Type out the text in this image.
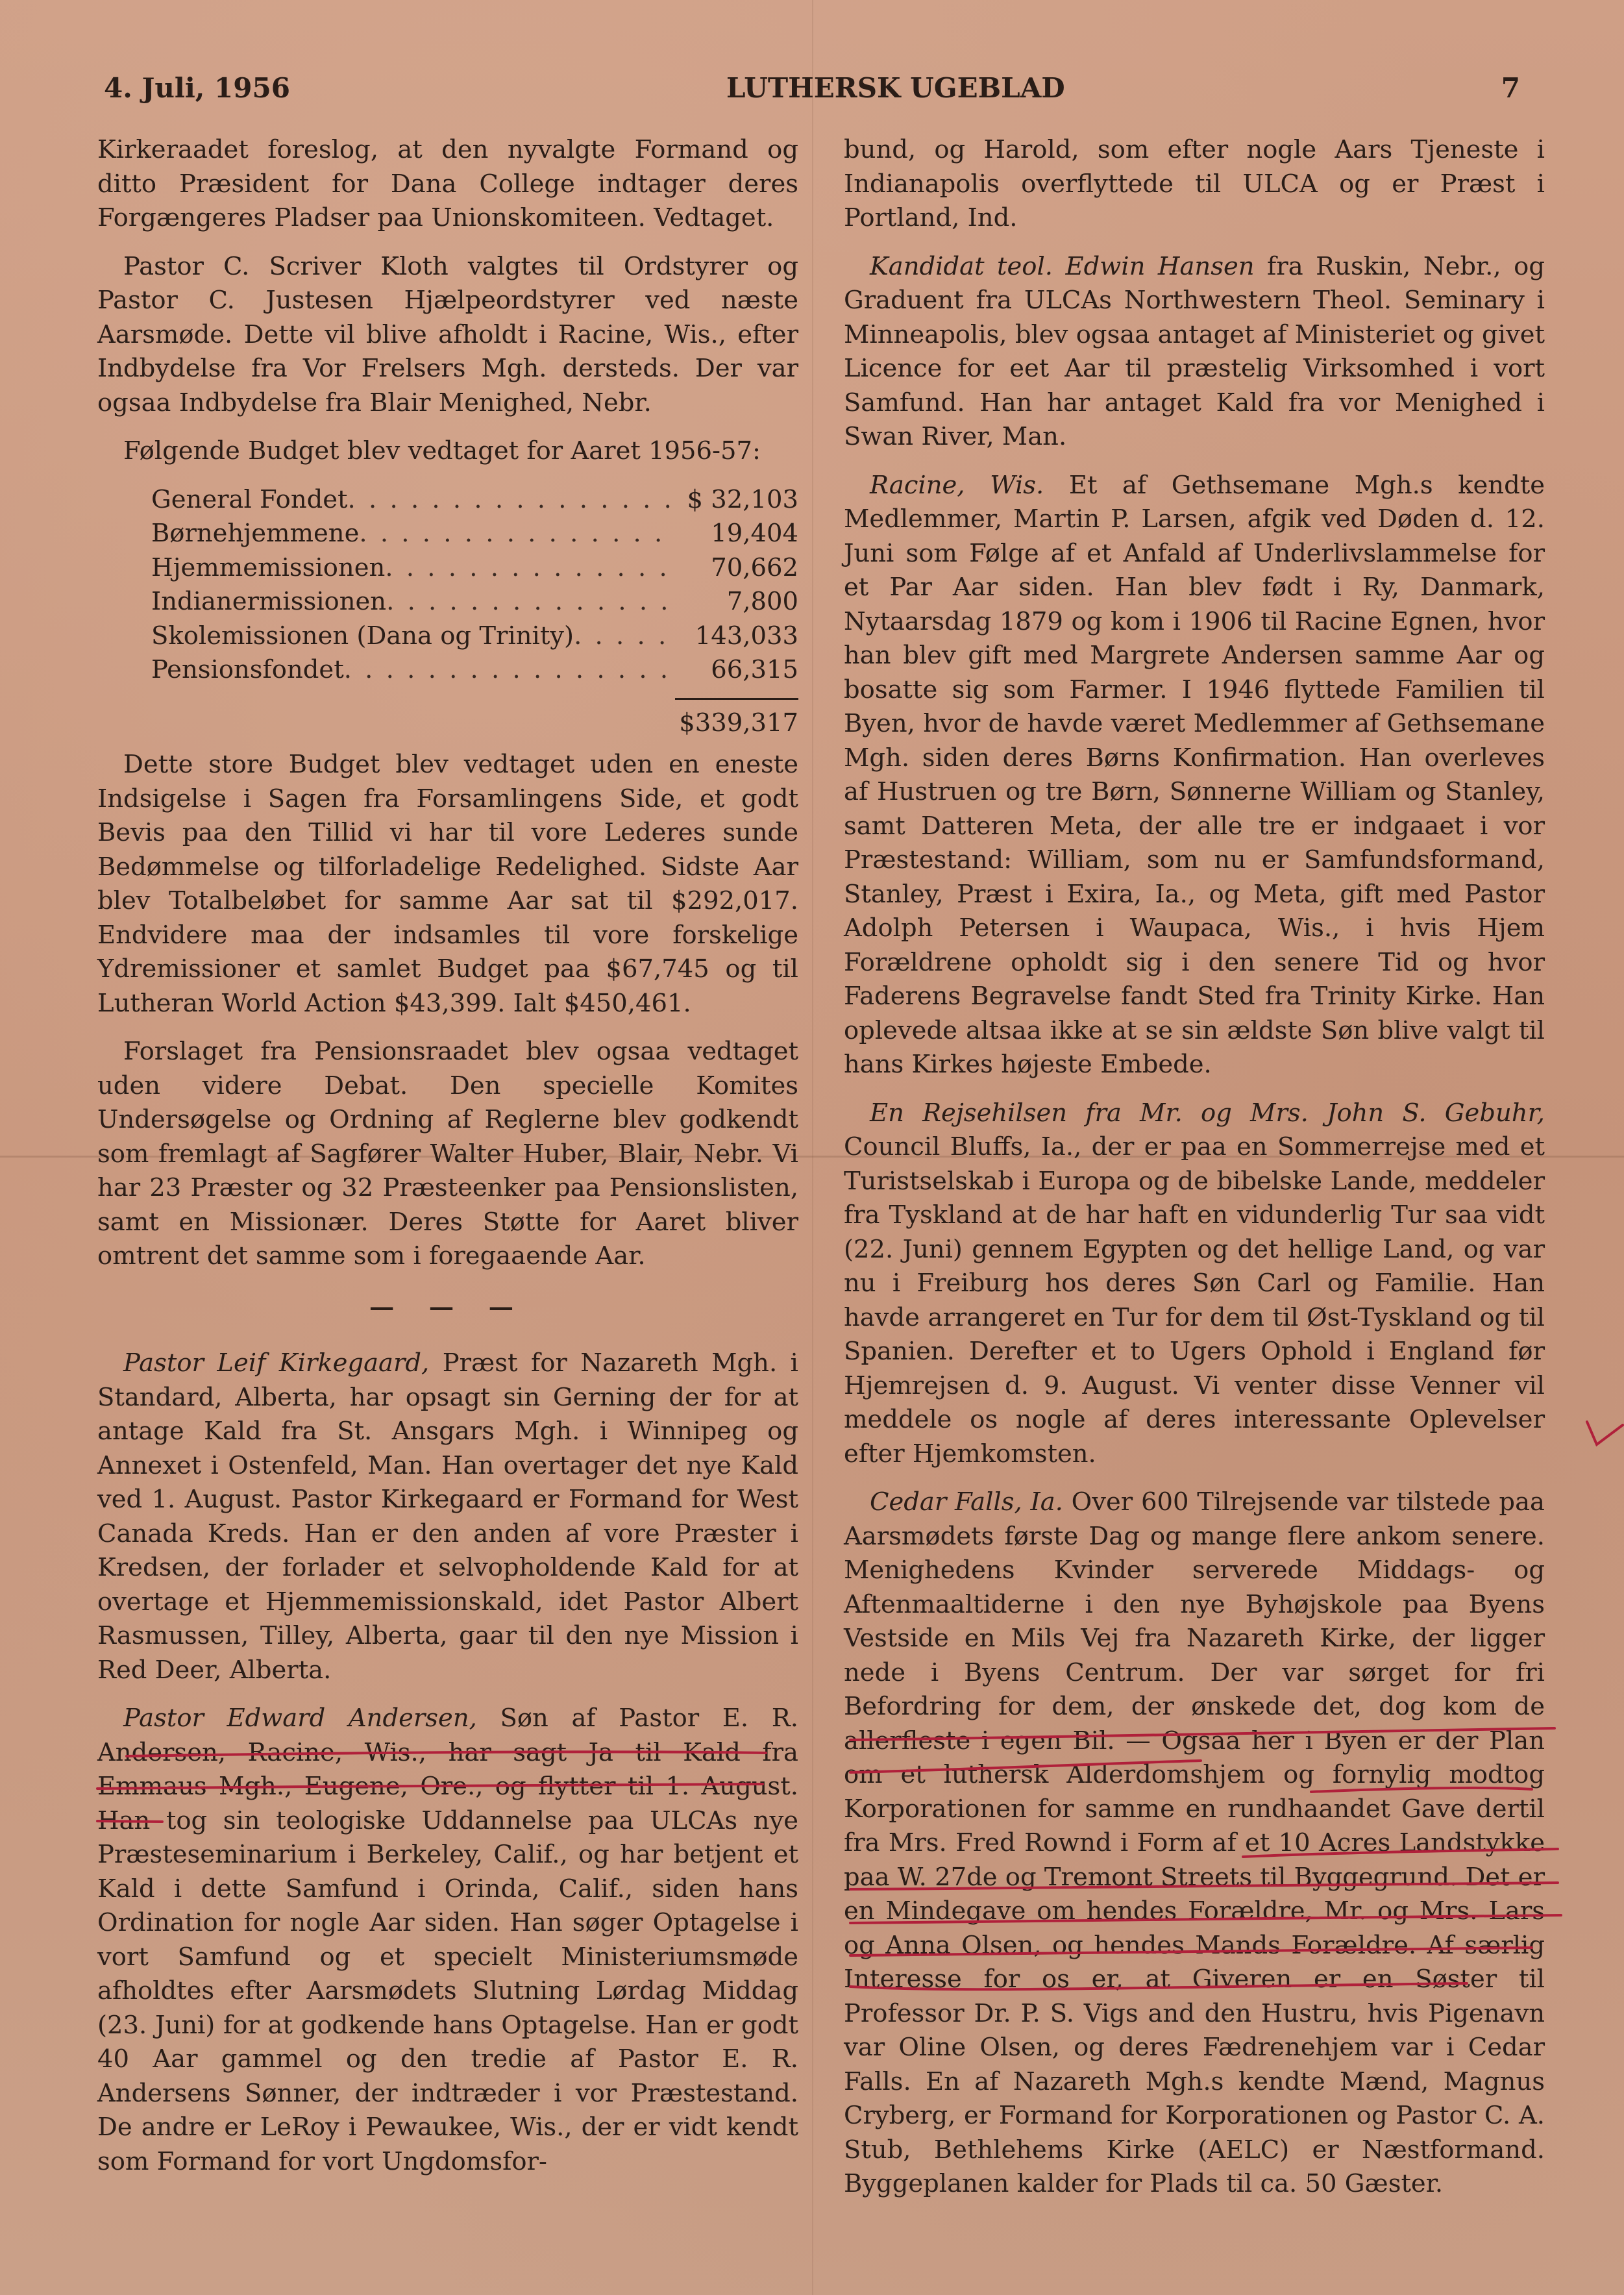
4. Juli, 1956	LUTHERSK UGEBLAD	7

Kirkeraadet foreslog, at den nyvalgte Formand og ditto Præsident for Dana College indtager deres Forgængeres Pladser paa Unionskomiteen. Vedtaget.

Pastor C. Scriver Kloth valgtes til Ordstyrer og Pastor C. Justesen Hjælpeordstyrer ved næste Aarsmøde. Dette vil blive afholdt i Racine, Wis., efter Indbydelse fra Vor Frelsers Mgh. dersteds. Der var ogsaa Indbydelse fra Blair Menighed, Nebr.

Følgende Budget blev vedtaget for Aaret 1956-57:

General Fondet . . .	$ 32,103
Børnehjemmene . . .	19,404
Hjemmemissionen . . .	70,662
Indianermissionen . . .	7,800
Skolemissionen (Dana og Trinity) . . .	143,033
Pensionsfondet . . .	66,315
$339,317

Dette store Budget blev vedtaget uden en eneste Indsigelse i Sagen fra Forsamlingens Side, et godt Bevis paa den Tillid vi har til vore Lederes sunde Bedømmelse og tilforladelige Redelighed. Sidste Aar blev Totalbeløbet for samme Aar sat til $292,017. Endvidere maa der indsamles til vore forskelige Ydremissioner et samlet Budget paa $67,745 og til Lutheran World Action $43,399. Ialt $450,461.

Forslaget fra Pensionsraadet blev ogsaa vedtaget uden videre Debat. Den specielle Komites Undersøgelse og Ordning af Reglerne blev godkendt som fremlagt af Sagfører Walter Huber, Blair, Nebr. Vi har 23 Præster og 32 Præsteenker paa Pensionslisten, samt en Missionær. Deres Støtte for Aaret bliver omtrent det samme som i foregaaende Aar.

— — —

Pastor Leif Kirkegaard, Præst for Nazareth Mgh. i Standard, Alberta, har opsagt sin Gerning der for at antage Kald fra St. Ansgars Mgh. i Winnipeg og Annexet i Ostenfeld, Man. Han overtager det nye Kald ved 1. August. Pastor Kirkegaard er Formand for West Canada Kreds. Han er den anden af vore Præster i Kredsen, der forlader et selvopholdende Kald for at overtage et Hjemmemissionskald, idet Pastor Albert Rasmussen, Tilley, Alberta, gaar til den nye Mission i Red Deer, Alberta.

Pastor Edward Andersen, Søn af Pastor E. R. Andersen, Racine, Wis., har sagt Ja til Kald fra Emmaus Mgh., Eugene, Ore., og flytter til 1. August. Han tog sin teologiske Uddannelse paa ULCAs nye Præsteseminarium i Berkeley, Calif., og har betjent et Kald i dette Samfund i Orinda, Calif., siden hans Ordination for nogle Aar siden. Han søger Optagelse i vort Samfund og et specielt Ministeriumsmøde afholdtes efter Aarsmødets Slutning Lørdag Middag (23. Juni) for at godkende hans Optagelse. Han er godt 40 Aar gammel og den tredie af Pastor E. R. Andersens Sønner, der indtræder i vor Præstestand. De andre er LeRoy i Pewaukee, Wis., der er vidt kendt som Formand for vort Ungdomsfor-

bund, og Harold, som efter nogle Aars Tjeneste i Indianapolis overflyttede til ULCA og er Præst i Portland, Ind.

Kandidat teol. Edwin Hansen fra Ruskin, Nebr., og Graduent fra ULCAs Northwestern Theol. Seminary i Minneapolis, blev ogsaa antaget af Ministeriet og givet Licence for eet Aar til præstelig Virksomhed i vort Samfund. Han har antaget Kald fra vor Menighed i Swan River, Man.

Racine, Wis. Et af Gethsemane Mgh.s kendte Medlemmer, Martin P. Larsen, afgik ved Døden d. 12. Juni som Følge af et Anfald af Underlivslammelse for et Par Aar siden. Han blev født i Ry, Danmark, Nytaarsdag 1879 og kom i 1906 til Racine Egnen, hvor han blev gift med Margrete Andersen samme Aar og bosatte sig som Farmer. I 1946 flyttede Familien til Byen, hvor de havde været Medlemmer af Gethsemane Mgh. siden deres Børns Konfirmation. Han overleves af Hustruen og tre Børn, Sønnerne William og Stanley, samt Datteren Meta, der alle tre er indgaaet i vor Præstestand: William, som nu er Samfundsformand, Stanley, Præst i Exira, Ia., og Meta, gift med Pastor Adolph Petersen i Waupaca, Wis., i hvis Hjem Forældrene opholdt sig i den senere Tid og hvor Faderens Begravelse fandt Sted fra Trinity Kirke. Han oplevede altsaa ikke at se sin ældste Søn blive valgt til hans Kirkes højeste Embede.

En Rejsehilsen fra Mr. og Mrs. John S. Gebuhr, Council Bluffs, Ia., der er paa en Sommerrejse med et Turistselskab i Europa og de bibelske Lande, meddeler fra Tyskland at de har haft en vidunderlig Tur saa vidt (22. Juni) gennem Egypten og det hellige Land, og var nu i Freiburg hos deres Søn Carl og Familie. Han havde arrangeret en Tur for dem til Øst-Tyskland og til Spanien. Derefter et to Ugers Ophold i England før Hjemrejsen d. 9. August. Vi venter disse Venner vil meddele os nogle af deres interessante Oplevelser efter Hjemkomsten.

Cedar Falls, Ia. Over 600 Tilrejsende var tilstede paa Aarsmødets første Dag og mange flere ankom senere. Menighedens Kvinder serverede Middags- og Aftenmaaltiderne i den nye Byhøjskole paa Byens Vestside en Mils Vej fra Nazareth Kirke, der ligger nede i Byens Centrum. Der var sørget for fri Befordring for dem, der ønskede det, dog kom de allerfleste i egen Bil. — Ogsaa her i Byen er der Plan om et luthersk Alderdomshjem og fornylig modtog Korporationen for samme en rundhaandet Gave dertil fra Mrs. Fred Rownd i Form af et 10 Acres Landstykke paa W. 27de og Tremont Streets til Byggegrund. Det er en Mindegave om hendes Forældre, Mr. og Mrs. Lars og Anna Olsen, og hendes Mands Forældre. Af særlig Interesse for os er, at Giveren er en Søster til Professor Dr. P. S. Vigs and den Hustru, hvis Pigenavn var Oline Olsen, og deres Fædrenehjem var i Cedar Falls. En af Nazareth Mgh.s kendte Mænd, Magnus Cryberg, er Formand for Korporationen og Pastor C. A. Stub, Bethlehems Kirke (AELC) er Næstformand. Byggeplanen kalder for Plads til ca. 50 Gæster.
